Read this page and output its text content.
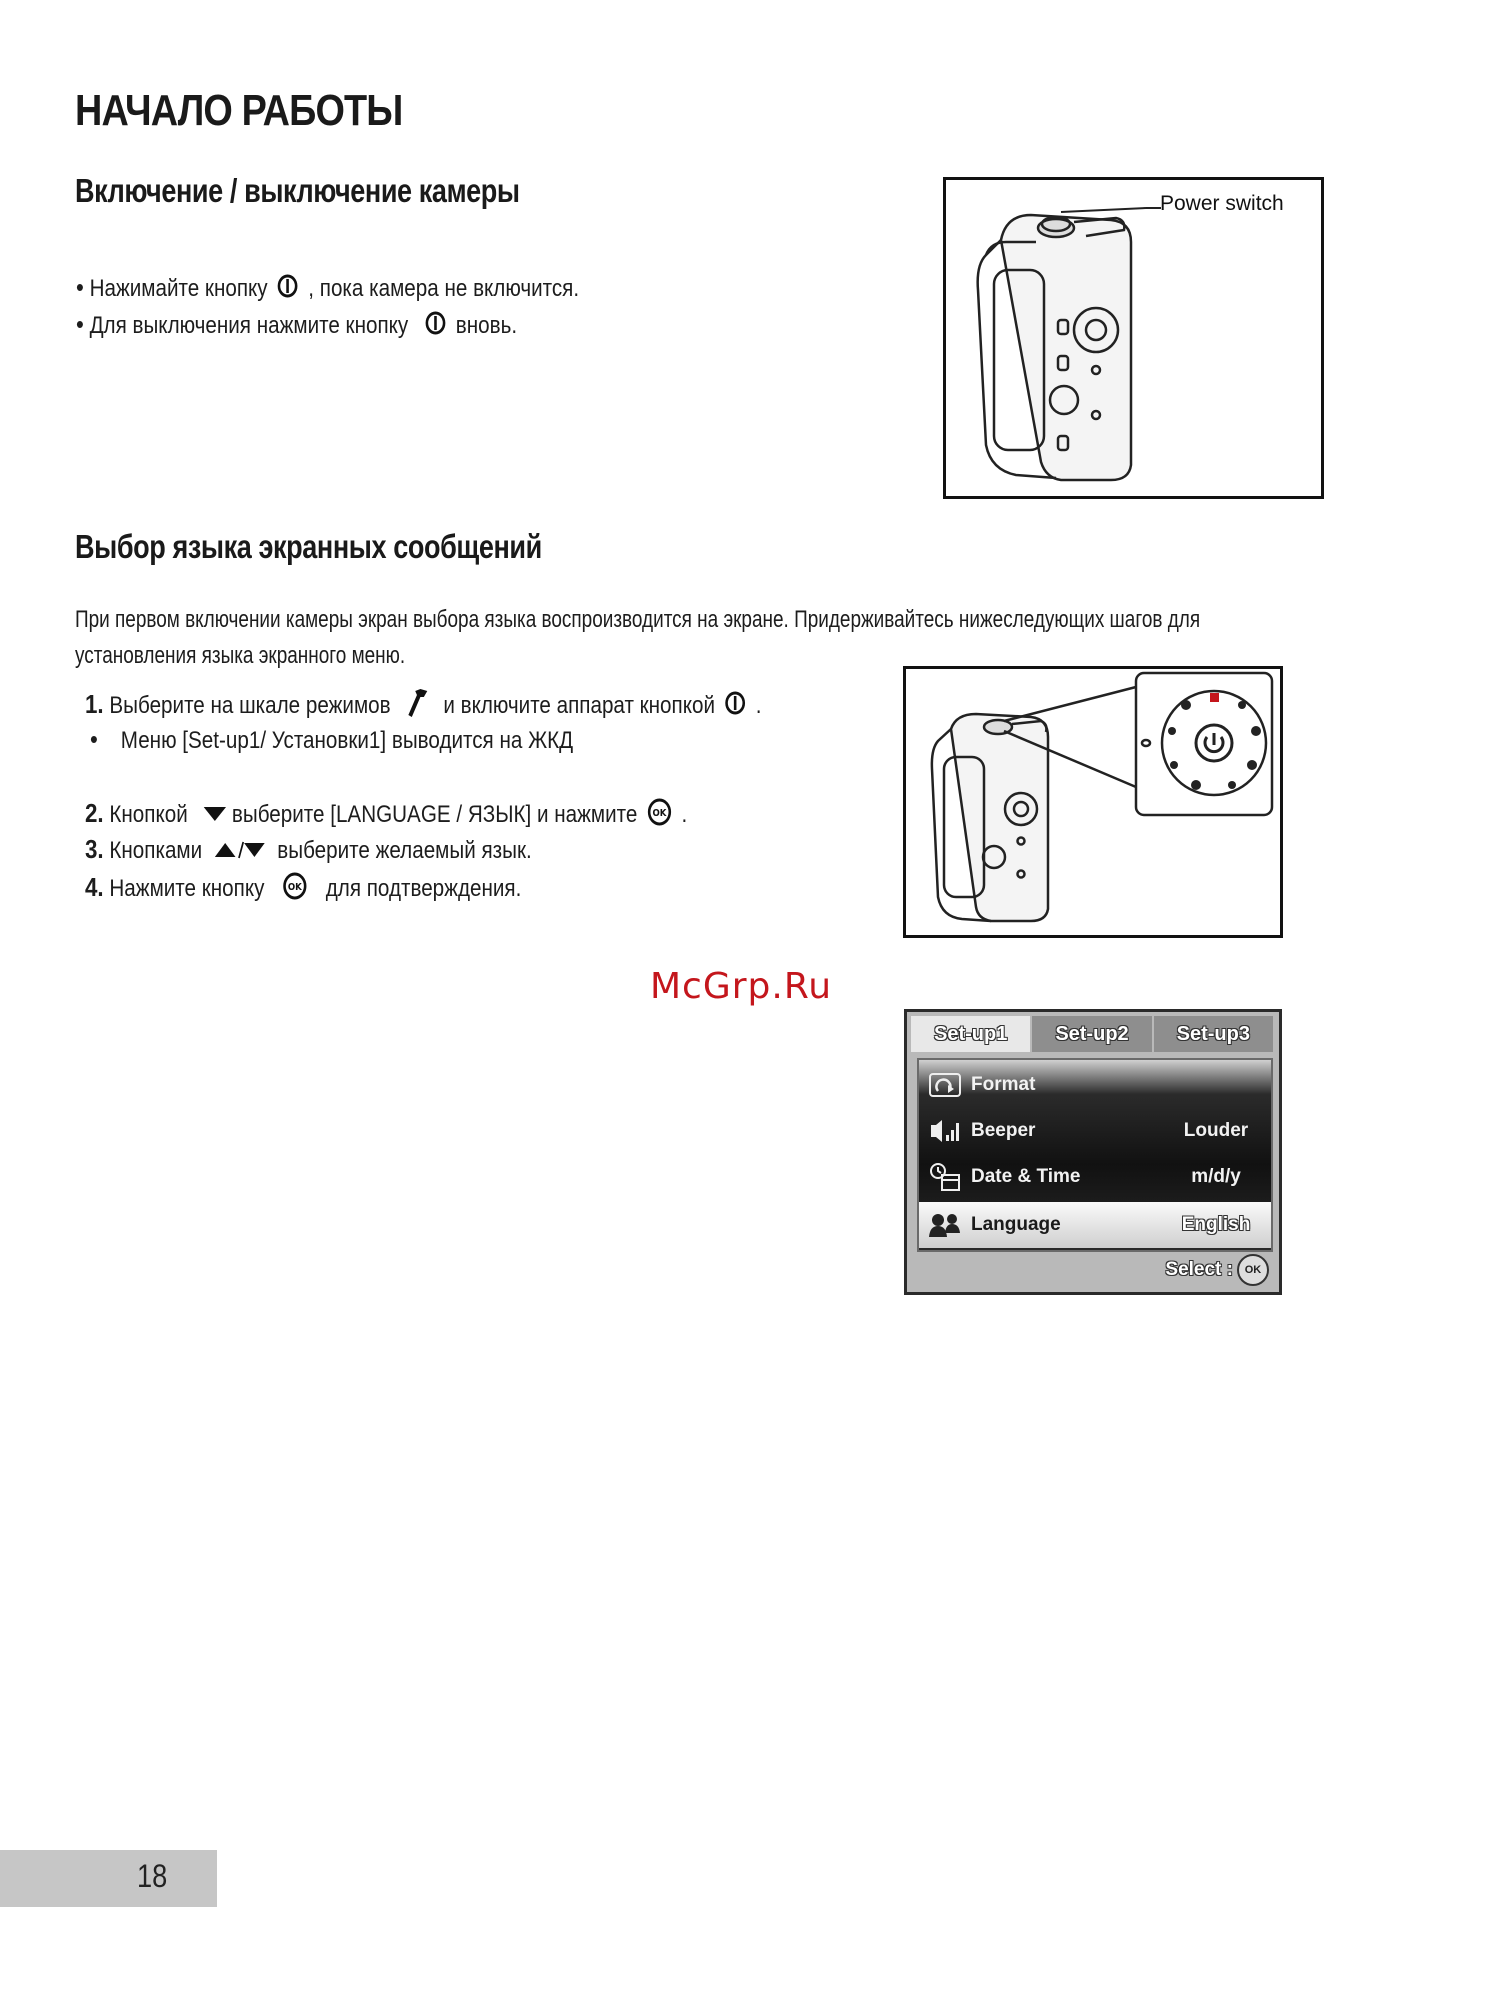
НАЧАЛО РАБОТЫ
Включение / выключение камеры
• Нажимайте кнопку , пока камера не включится.
• Для выключения нажмите кнопку вновь.
Power switch
Выбор языка экранных сообщений
При первом включении камеры экран выбора языка воспроизводится на экране. Придерживайтесь нижеследующих шагов для
установления языка экранного меню.
1. Выберите на шкале режимов и включите аппарат кнопкой .
• Меню [Set-up1/ Установки1] выводится на ЖКД
2. Кнопкой выберите [LANGUAGE / ЯЗЫК] и нажмите OK .
3. Кнопками	выберите желаемый язык.
4. Нажмите кнопку OK для подтверждения.
McGrp.Ru
Set-up1	Set-up2	Set-up3
Format
Beeper	Louder
Date & Time	m/d/y
Language	English
Select :	OK
18
